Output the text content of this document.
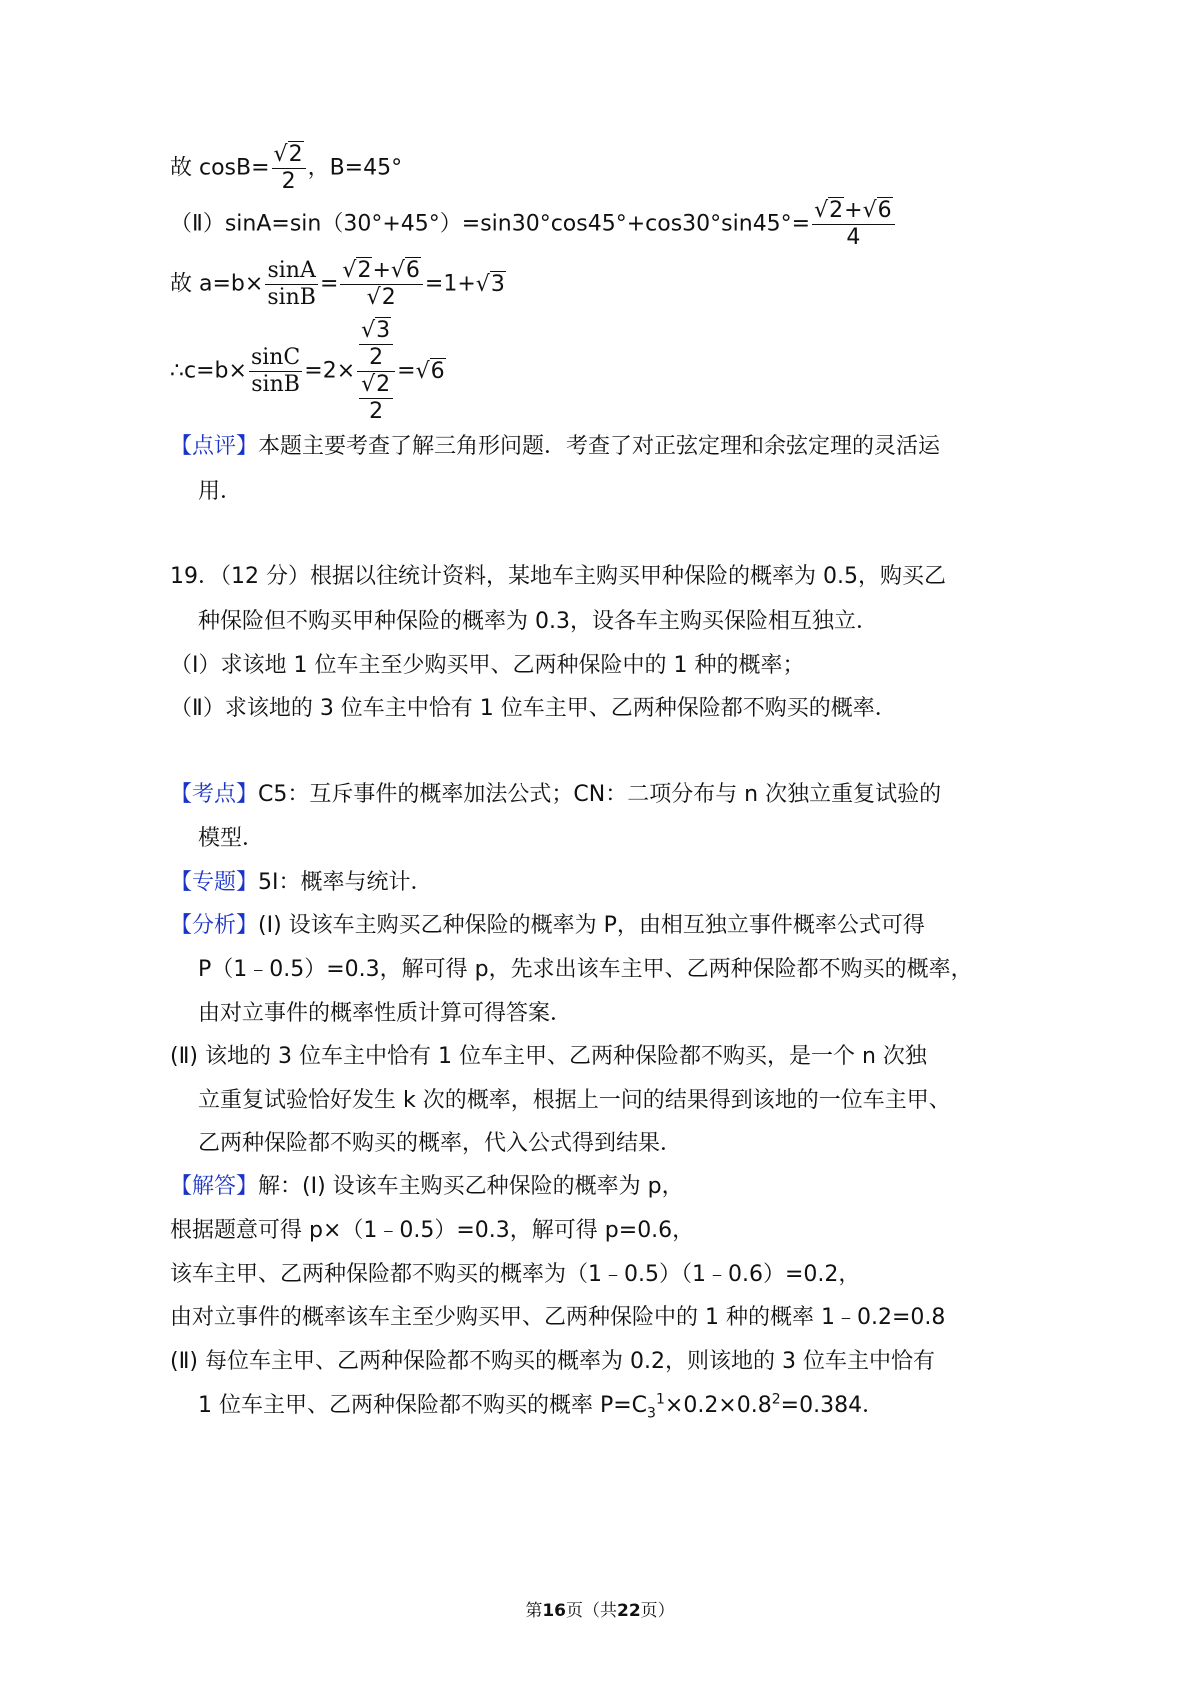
故 $\cos B= \frac{√2}{2}$ ，B=45°
（Ⅱ）sinA=sin（30°+45°）=sin30°cos45°+cos30°sin45°= $\frac{√2+√6}{4}$
故 $a=b\times \frac{\sin A}{\sin B} = \frac{√2+√6}{√2} =1+√3$
∴c=b× $\frac{\sin C}{\sin B} =2\times \frac{\frac{√3}{2}}{\frac{√2}{2}} =√6$
【点评】本题主要考查了解三角形问题．考查了对正弦定理和余弦定理的灵活运
用．
19．（12 分）根据以往统计资料，某地车主购买甲种保险的概率为 0.5，购买乙
种保险但不购买甲种保险的概率为 0.3，设各车主购买保险相互独立．
（Ⅰ）求该地 1 位车主至少购买甲、乙两种保险中的 1 种的概率；
（Ⅱ）求该地的 3 位车主中恰有 1 位车主甲、乙两种保险都不购买的概率．
【考点】C5：互斥事件的概率加法公式；CN：二项分布与 n 次独立重复试验的
模型．
【专题】5I：概率与统计．
【分析】(Ⅰ) 设该车主购买乙种保险的概率为 P，由相互独立事件概率公式可得
P（1﹣0.5）=0.3，解可得 p，先求出该车主甲、乙两种保险都不购买的概率，
由对立事件的概率性质计算可得答案．
(Ⅱ) 该地的 3 位车主中恰有 1 位车主甲、乙两种保险都不购买，是一个 n 次独
立重复试验恰好发生 k 次的概率，根据上一问的结果得到该地的一位车主甲、
乙两种保险都不购买的概率，代入公式得到结果．
【解答】解：(Ⅰ) 设该车主购买乙种保险的概率为 p，
根据题意可得 p×（1﹣0.5）=0.3，解可得 p=0.6，
该车主甲、乙两种保险都不购买的概率为（1﹣0.5）（1﹣0.6）=0.2，
由对立事件的概率该车主至少购买甲、乙两种保险中的 1 种的概率 1﹣0.2=0.8
(Ⅱ) 每位车主甲、乙两种保险都不购买的概率为 0.2，则该地的 3 位车主中恰有
1 位车主甲、乙两种保险都不购买的概率 $P=C_3^1\times 0.2\times 0.8^2=0.384$．
第16页（共22页）
